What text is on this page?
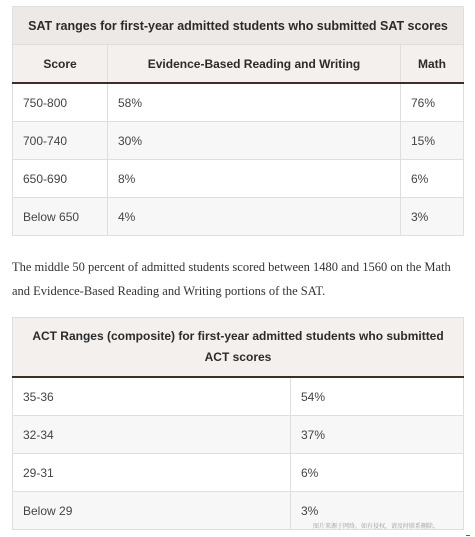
SAT ranges for first-year admitted students who submitted SAT scores		
Score	Evidence-Based Reading and Writing	Math
750-800	58%	76%
700-740	30%	15%
650-690	8%	6%
Below 650	4%	3%

The middle 50 percent of admitted students scored between 1480 and 1560 on the Math and Evidence-Based Reading and Writing portions of the SAT.

ACT Ranges (composite) for first-year admitted students who submitted ACT scores	
35-36	54%
32-34	37%
29-31	6%
Below 29	3%
图片来源于网络，如有侵权，请及时联系删除。
